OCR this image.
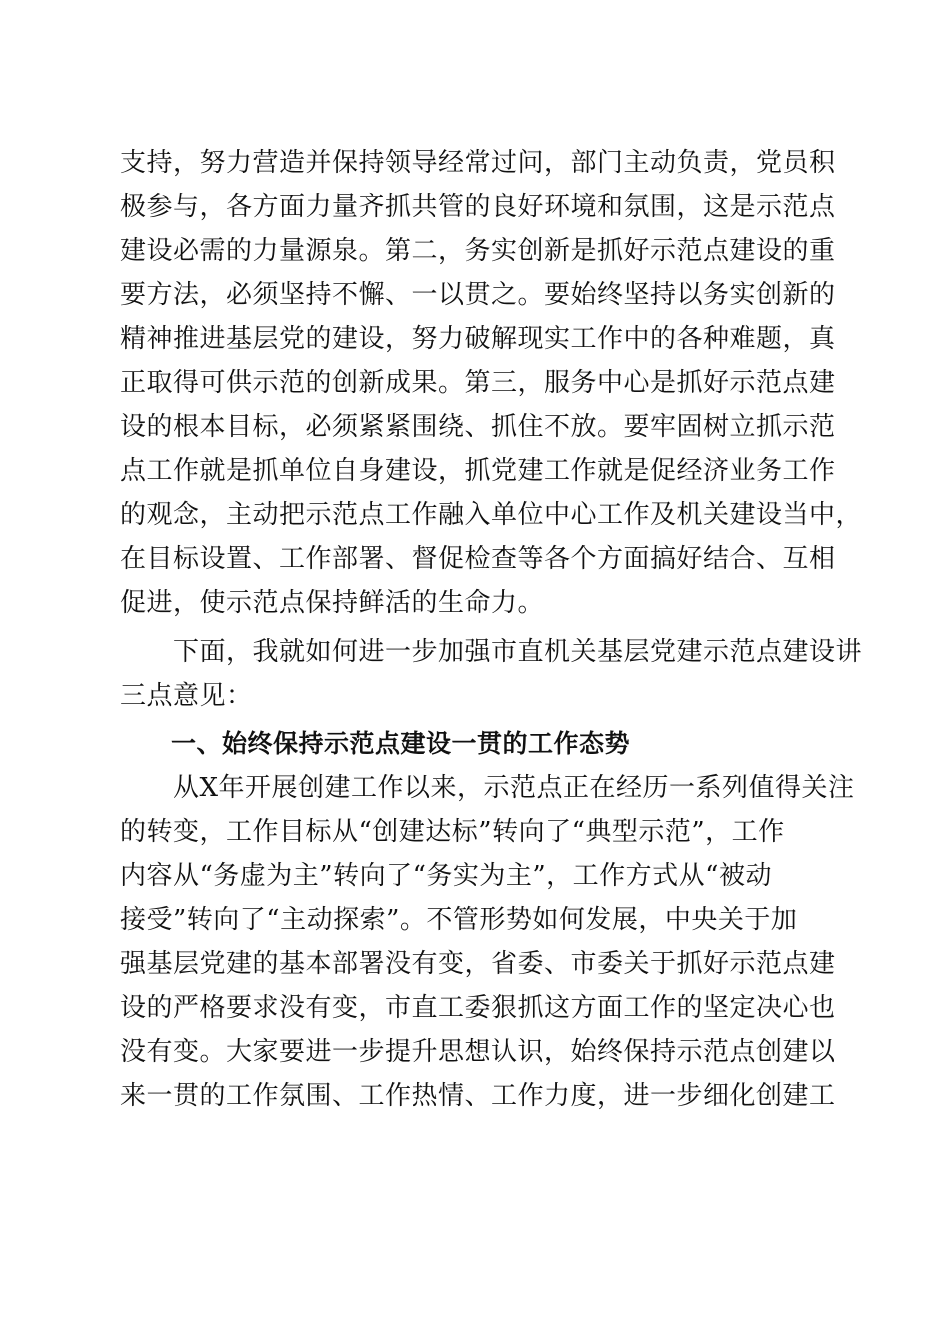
支持，努力营造并保持领导经常过问，部门主动负责，党员积
极参与，各方面力量齐抓共管的良好环境和氛围，这是示范点
建设必需的力量源泉。第二，务实创新是抓好示范点建设的重
要方法，必须坚持不懈、一以贯之。要始终坚持以务实创新的
精神推进基层党的建设，努力破解现实工作中的各种难题，真
正取得可供示范的创新成果。第三，服务中心是抓好示范点建
设的根本目标，必须紧紧围绕、抓住不放。要牢固树立抓示范
点工作就是抓单位自身建设，抓党建工作就是促经济业务工作
的观念，主动把示范点工作融入单位中心工作及机关建设当中，
在目标设置、工作部署、督促检查等各个方面搞好结合、互相
促进，使示范点保持鲜活的生命力。
　　下面，我就如何进一步加强市直机关基层党建示范点建设讲
三点意见：
　　一、始终保持示范点建设一贯的工作态势
　　从X年开展创建工作以来，示范点正在经历一系列值得关注
的转变，工作目标从“创建达标”转向了“典型示范”，工作
内容从“务虚为主”转向了“务实为主”，工作方式从“被动
接受”转向了“主动探索”。不管形势如何发展，中央关于加
强基层党建的基本部署没有变，省委、市委关于抓好示范点建
设的严格要求没有变，市直工委狠抓这方面工作的坚定决心也
没有变。大家要进一步提升思想认识，始终保持示范点创建以
来一贯的工作氛围、工作热情、工作力度，进一步细化创建工
